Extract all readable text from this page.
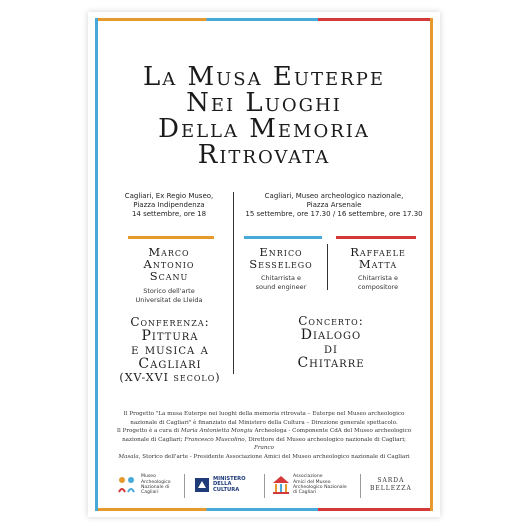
La Musa Euterpe
Nei Luoghi
Della Memoria
Ritrovata
Cagliari, Ex Regio Museo,
Piazza Indipendenza
14 settembre, ore 18
Cagliari, Museo archeologico nazionale,
Piazza Arsenale
15 settembre, ore 17.30 / 16 settembre, ore 17.30
Marco
Antonio
Scanu
Storico dell'arte
Universitat de Lleida
Enrico
Sesselego
Chitarrista e
sound engineer
Raffaele
Matta
Chitarrista e
compositore
Conferenza:
Pittura
e musica a
Cagliari
(XV-XVI secolo)
Concerto:
Dialogo
di
Chitarre
Il Progetto "La musa Euterpe nei luoghi della memoria ritrovata – Euterpe nel Museo archeologico
nazionale di Cagliari" è finanziato dal Ministero della Cultura – Direzione generale spettacolo.
Il Progetto è a cura di Maria Antonietta Mongiu Archeologa - Componente CdA del Museo archeologico
nazionale di Cagliari; Francesco Muscolino, Direttore del Museo archeologico nazionale di Cagliari; Franco
Masala, Storico dell'arte - Presidente Associazione Amici del Museo archeologico nazionale di Cagliari
Museo
Archeologico
Nazionale di
Cagliari
MINISTERO
DELLA
CULTURA
Associazione
Amici del Museo
Archeologico Nazionale
di Cagliari
SARDA
BELLEZZA
